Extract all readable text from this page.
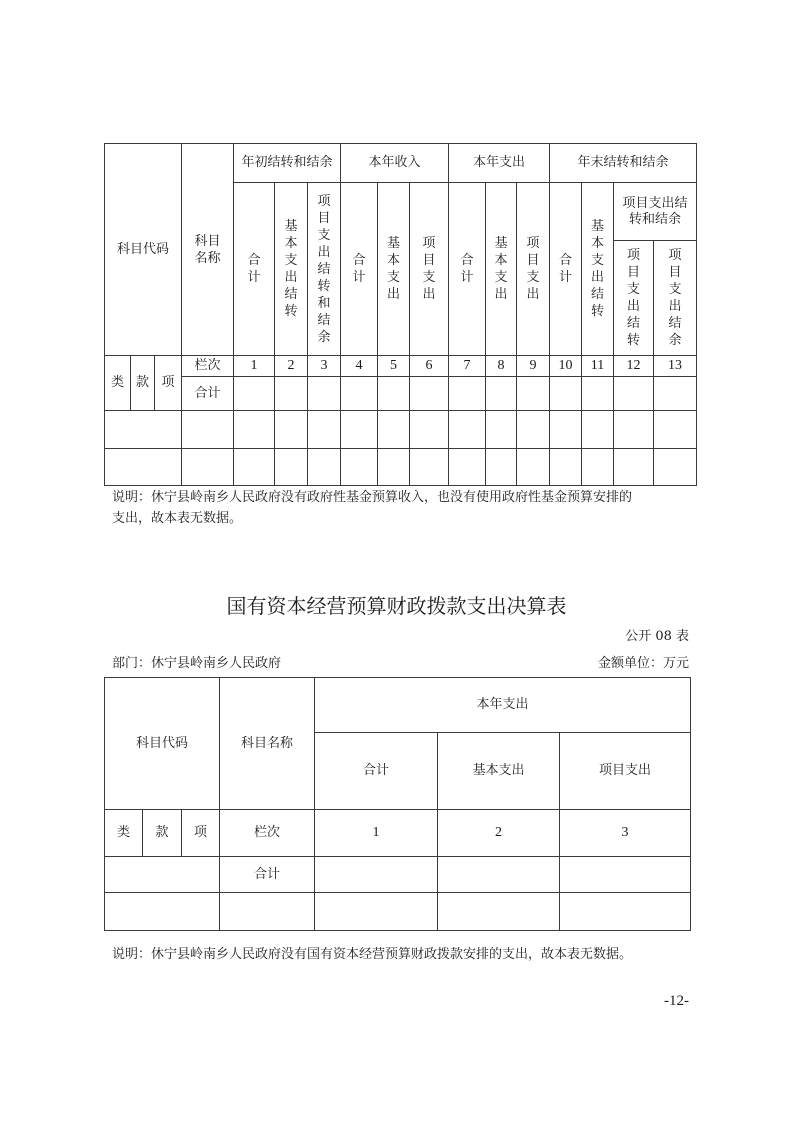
科目代码			科目名称	年初结转和结余			本年收入			本年支出			年末结转和结余			
				合计	基本支出结转	项目支出结转和结余	合计	基本支出	项目支出	合计	基本支出	项目支出	合计	基本支出结转	项目支出结转和结余	
															项目支出结转	项目支出结余
类	款	项	栏次	1	2	3	4	5	6	7	8	9	10	11	12	13
			合计													

说明：休宁县岭南乡人民政府没有政府性基金预算收入，也没有使用政府性基金预算安排的
支出，故本表无数据。
国有资本经营预算财政拨款支出决算表
公开 08 表
部门：休宁县岭南乡人民政府	金额单位：万元
科目代码			科目名称	本年支出		
				合计	基本支出	项目支出
类	款	项	栏次	1	2	3
			合计			

说明：休宁县岭南乡人民政府没有国有资本经营预算财政拨款安排的支出，故本表无数据。
-12-
